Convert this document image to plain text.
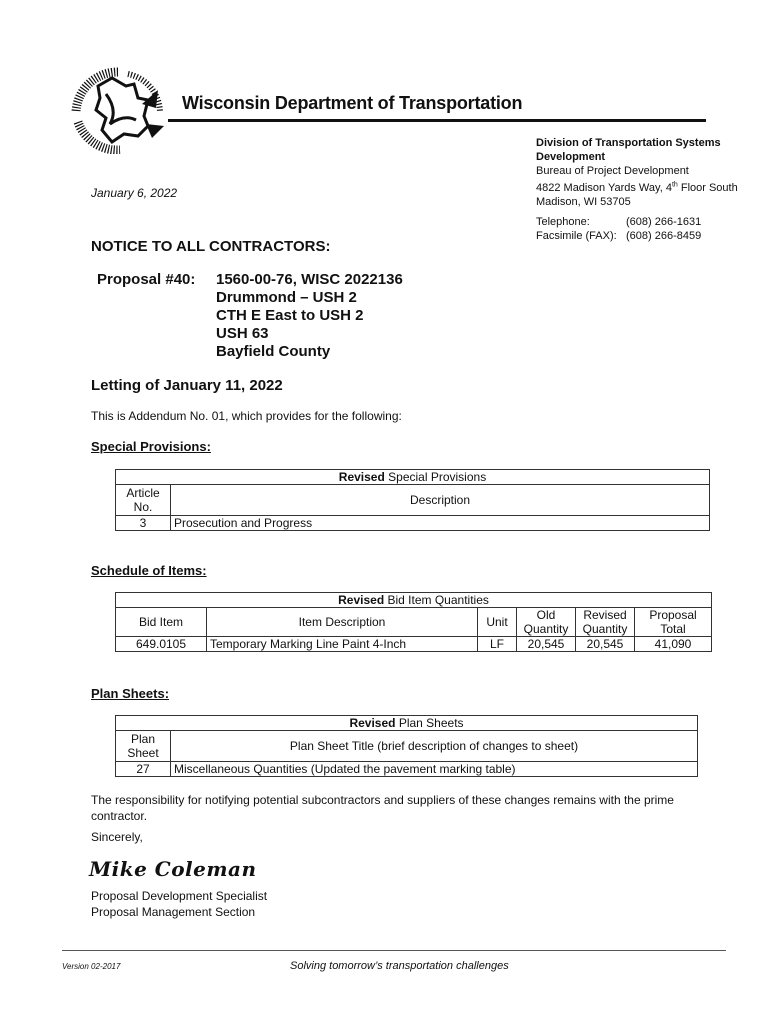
Wisconsin Department of Transportation
Division of Transportation Systems Development
Bureau of Project Development
4822 Madison Yards Way, 4th Floor South
Madison, WI 53705
Telephone:	(608) 266-1631
Facsimile (FAX): (608) 266-8459
January 6, 2022
NOTICE TO ALL CONTRACTORS:
Proposal #40: 1560-00-76, WISC 2022136
Drummond – USH 2
CTH E East to USH 2
USH 63
Bayfield County
Letting of January 11, 2022
This is Addendum No. 01, which provides for the following:
Special Provisions:
Revised Special Provisions	
Article No.	Description
3	Prosecution and Progress
Schedule of Items:
Revised Bid Item Quantities					
Bid Item	Item Description	Unit	Old Quantity	Revised Quantity	Proposal Total
649.0105	Temporary Marking Line Paint 4-Inch	LF	20,545	20,545	41,090
Plan Sheets:
Revised Plan Sheets	
Plan Sheet	Plan Sheet Title (brief description of changes to sheet)
27	Miscellaneous Quantities (Updated the pavement marking table)
The responsibility for notifying potential subcontractors and suppliers of these changes remains with the prime contractor.
Sincerely,
Mike Coleman
Proposal Development Specialist
Proposal Management Section
Version 02-2017	Solving tomorrow’s transportation challenges
